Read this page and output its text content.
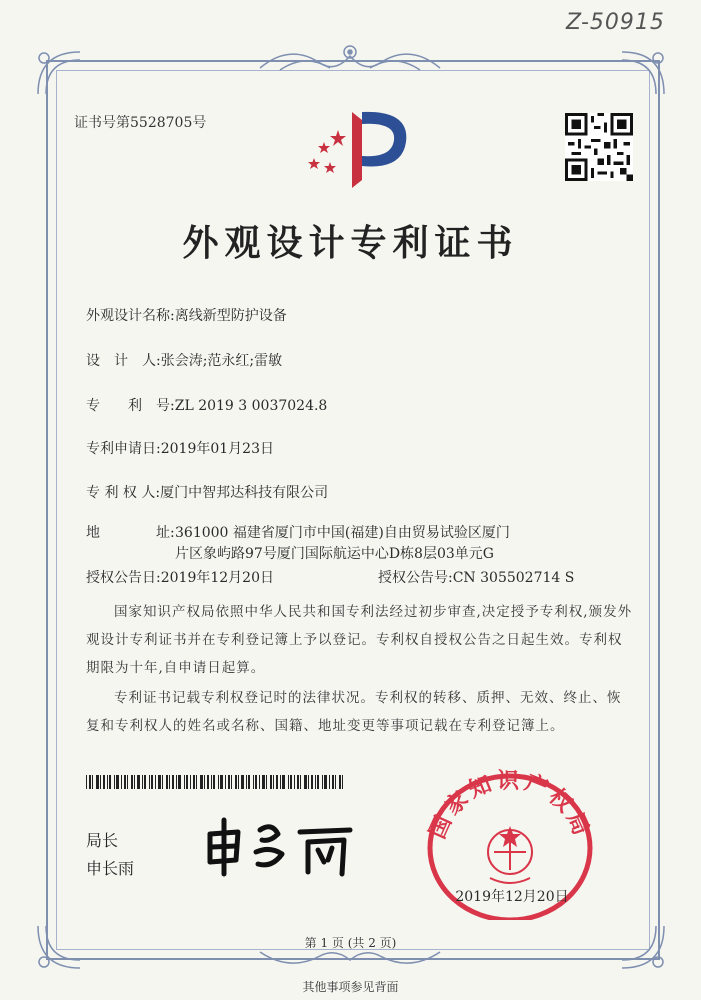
Z-50915
证书号第5528705号
外观设计专利证书
外观设计名称:离线新型防护设备
设　计　人:张会涛;范永红;雷敏
专　　利　号:ZL 2019 3 0037024.8
专利申请日:2019年01月23日
专 利 权 人:厦门中智邦达科技有限公司
地　　　　址: 361000 福建省厦门市中国(福建)自由贸易试验区厦门
片区象屿路97号厦门国际航运中心D栋8层03单元G
授权公告日:2019年12月20日	授权公告号:CN 305502714 S
国家知识产权局依照中华人民共和国专利法经过初步审查,决定授予专利权,颁发外观设计专利证书并在专利登记簿上予以登记。专利权自授权公告之日起生效。专利权期限为十年,自申请日起算。
专利证书记载专利权登记时的法律状况。专利权的转移、质押、无效、终止、恢复和专利权人的姓名或名称、国籍、地址变更等事项记载在专利登记簿上。
局长
申长雨
国家知识产权局
2019年12月20日
第 1 页 (共 2 页)
其他事项参见背面
